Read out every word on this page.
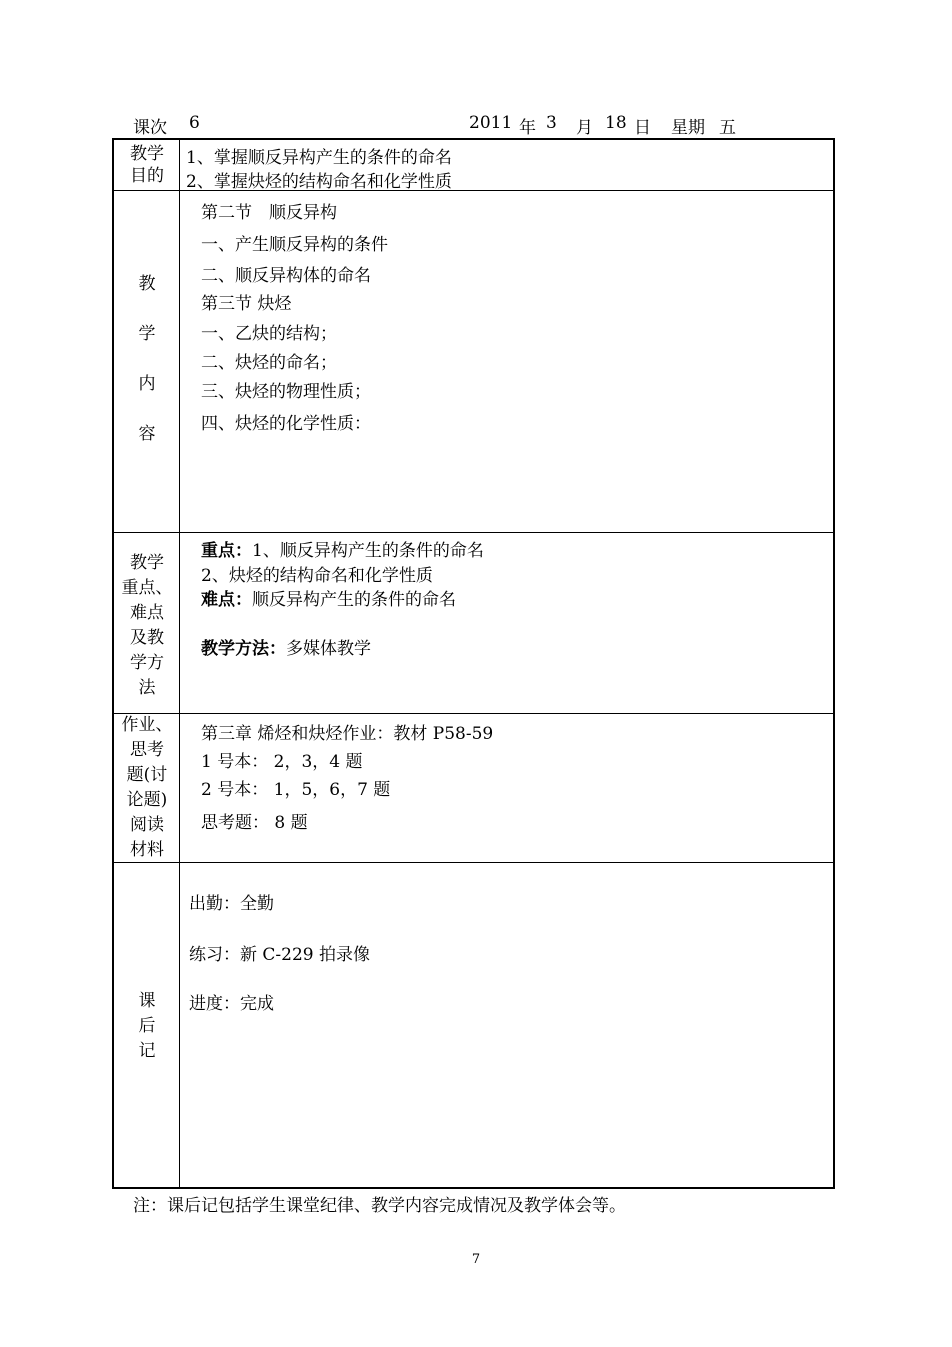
课次 6	2011 年 3 月 18 日 星期 五
教学
目的
1、掌握顺反异构产生的条件的命名
2、掌握炔烃的结构命名和化学性质
教
学
内
容
第二节　顺反异构
一、产生顺反异构的条件
二、顺反异构体的命名
第三节 炔烃
一、乙炔的结构；
二、炔烃的命名；
三、炔烃的物理性质；
四、炔烃的化学性质：
教学
重点、
难点
及教
学方
法
重点：1、顺反异构产生的条件的命名
2、炔烃的结构命名和化学性质
难点：顺反异构产生的条件的命名
教学方法：多媒体教学
作业、
思考
题(讨
论题)
阅读
材料
第三章 烯烃和炔烃作业：教材 P58-59
1 号本： 2，3，4 题
2 号本： 1，5，6，7 题
思考题： 8 题
课
后
记
出勤：全勤
练习：新 C-229 拍录像
进度：完成
注：课后记包括学生课堂纪律、教学内容完成情况及教学体会等。
7
